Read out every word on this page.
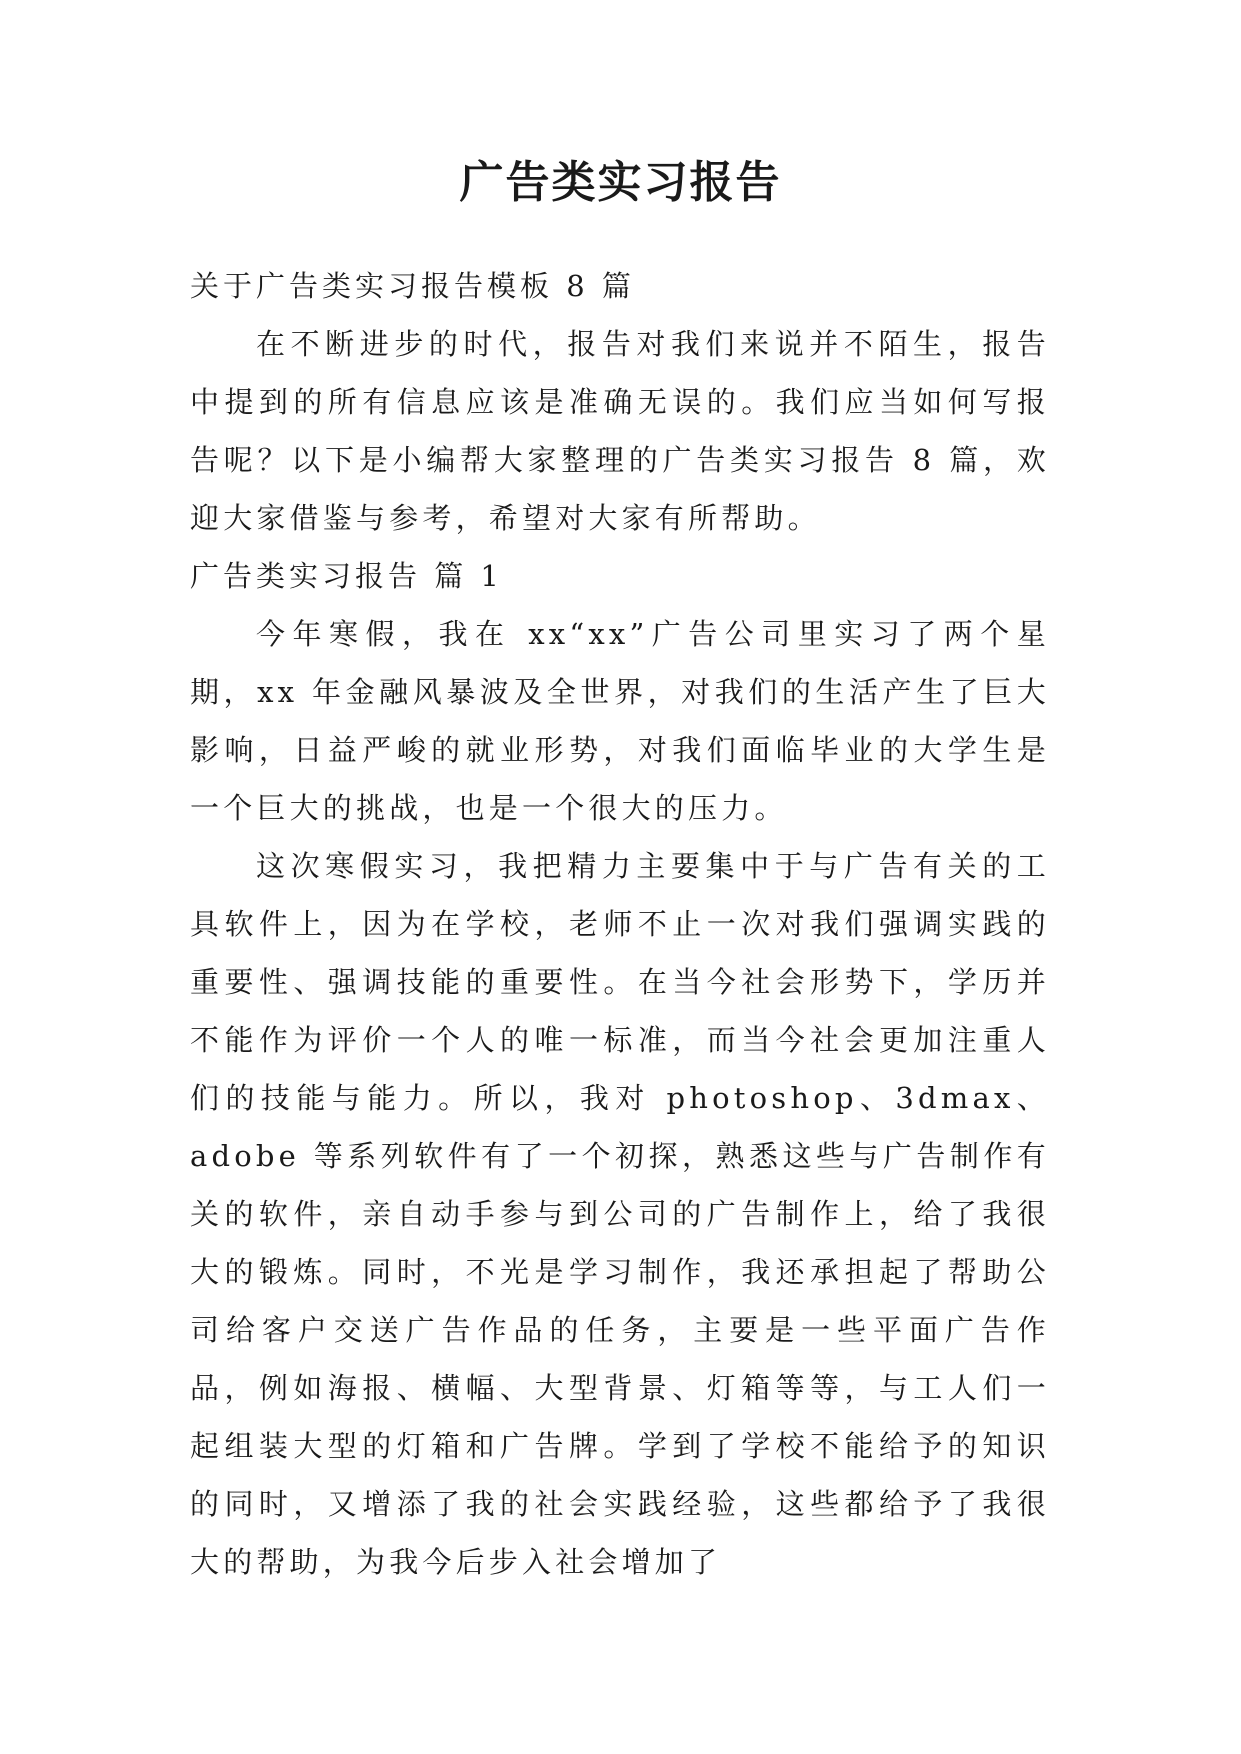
广告类实习报告

关于广告类实习报告模板 8 篇

在不断进步的时代，报告对我们来说并不陌生，报告中提到的所有信息应该是准确无误的。我们应当如何写报告呢？以下是小编帮大家整理的广告类实习报告 8 篇，欢迎大家借鉴与参考，希望对大家有所帮助。

广告类实习报告 篇 1

今年寒假，我在 xx“xx”广告公司里实习了两个星期，xx 年金融风暴波及全世界，对我们的生活产生了巨大影响，日益严峻的就业形势，对我们面临毕业的大学生是一个巨大的挑战，也是一个很大的压力。

这次寒假实习，我把精力主要集中于与广告有关的工具软件上，因为在学校，老师不止一次对我们强调实践的重要性、强调技能的重要性。在当今社会形势下，学历并不能作为评价一个人的唯一标准，而当今社会更加注重人们的技能与能力。所以，我对 photoshop、3dmax、adobe 等系列软件有了一个初探，熟悉这些与广告制作有关的软件，亲自动手参与到公司的广告制作上，给了我很大的锻炼。同时，不光是学习制作，我还承担起了帮助公司给客户交送广告作品的任务，主要是一些平面广告作品，例如海报、横幅、大型背景、灯箱等等，与工人们一起组装大型的灯箱和广告牌。学到了学校不能给予的知识的同时，又增添了我的社会实践经验，这些都给予了我很大的帮助，为我今后步入社会增加了
